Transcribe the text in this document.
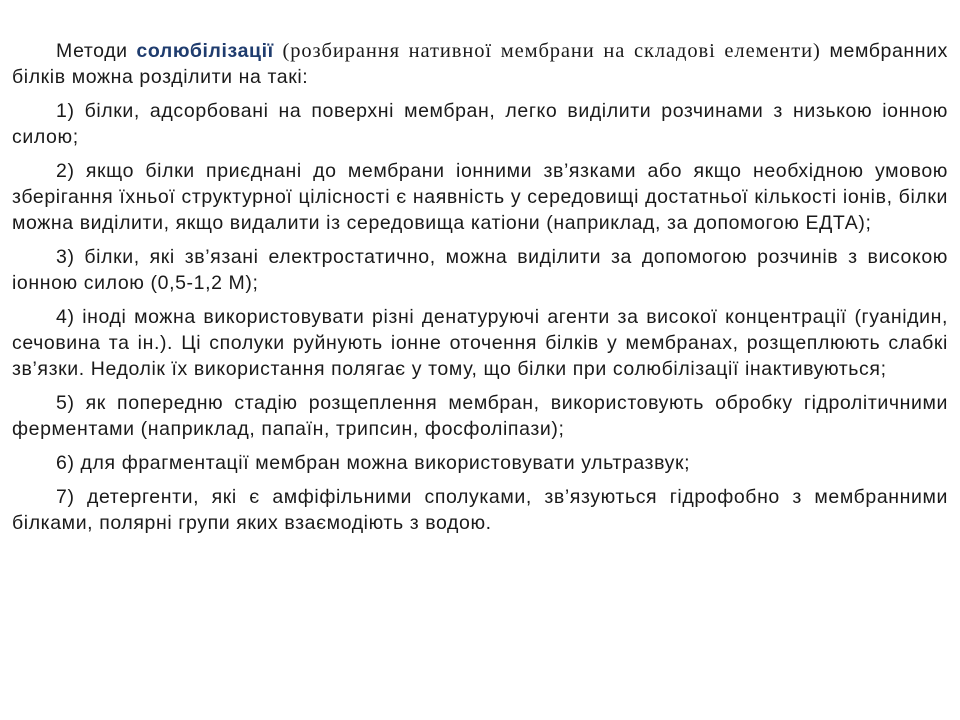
Методи солюбілізації (розбирання нативної мембрани на складові елементи) мембранних білків можна розділити на такі:

1) білки, адсорбовані на поверхні мембран, легко виділити розчинами з низькою іонною силою;

2) якщо білки приєднані до мембрани іонними зв’язками або якщо необхідною умовою зберігання їхньої структурної цілісності є наявність у середовищі достатньої кількості іонів, білки можна виділити, якщо видалити із середовища катіони (наприклад, за допомогою ЕДТА);

3) білки, які зв’язані електростатично, можна виділити за допомогою розчинів з високою іонною силою (0,5-1,2 М);

4) іноді можна використовувати різні денатуруючі агенти за високої концентрації (гуанідин, сечовина та ін.). Ці сполуки руйнують іонне оточення білків у мембранах, розщеплюють слабкі зв’язки. Недолік їх використання полягає у тому, що білки при солюбілізації інактивуються;

5) як попередню стадію розщеплення мембран, використовують обробку гідролітичними ферментами (наприклад, папаїн, трипсин, фосфоліпази);

6) для фрагментації мембран можна використовувати ультразвук;

7) детергенти, які є амфіфільними сполуками, зв’язуються гідрофобно з мембранними білками, полярні групи яких взаємодіють з водою.
